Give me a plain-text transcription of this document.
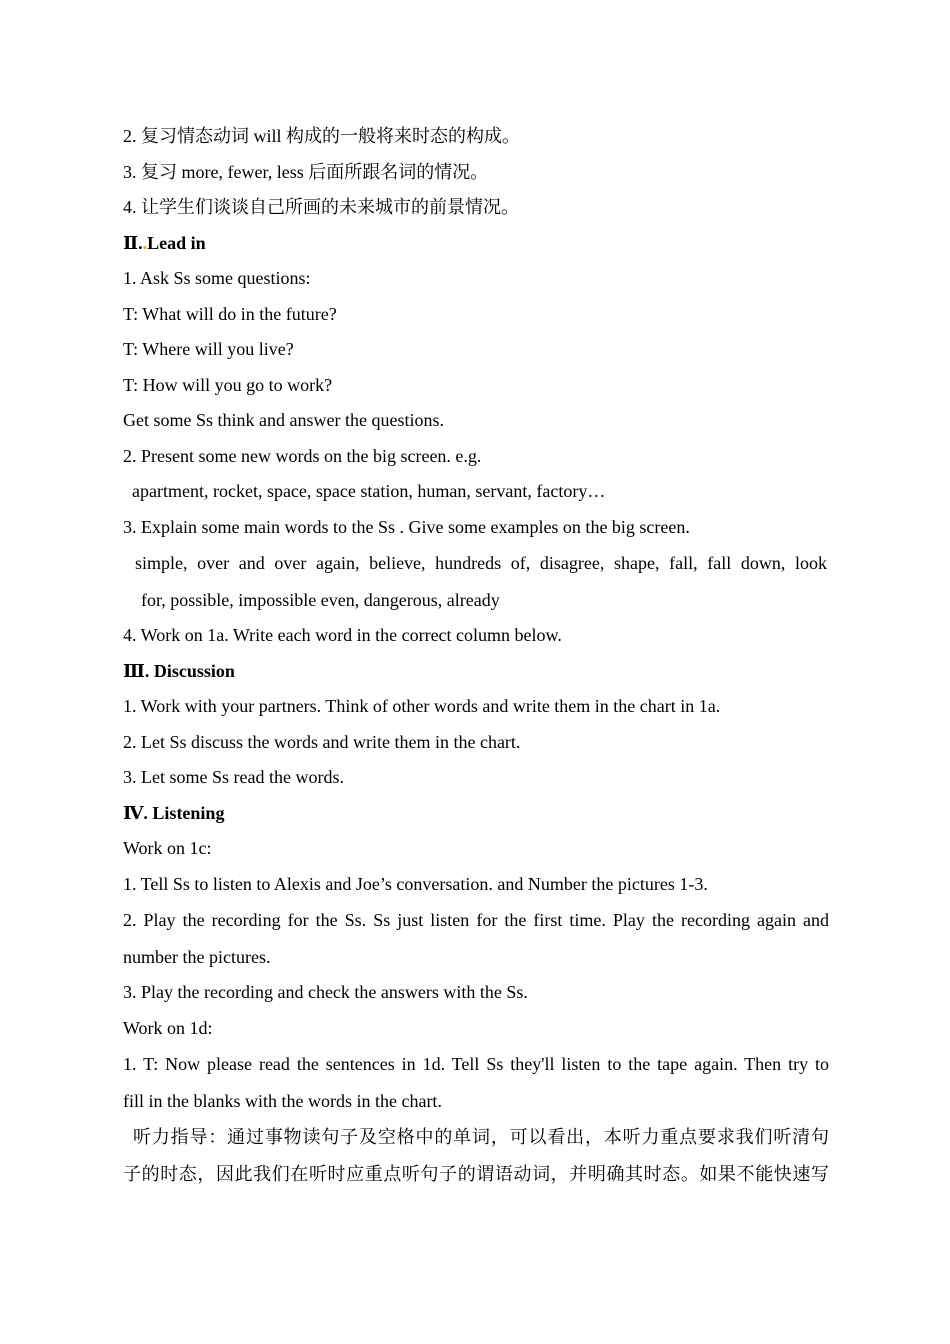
2. 复习情态动词 will 构成的一般将来时态的构成。
3. 复习 more, fewer, less 后面所跟名词的情况。
4. 让学生们谈谈自己所画的未来城市的前景情况。
Ⅱ..Lead in
1. Ask Ss some questions:
T: What will do in the future?
T: Where will you live?
T: How will you go to work?
Get some Ss think and answer the questions.
2. Present some new words on the big screen. e.g.
apartment, rocket, space, space station, human, servant, factory…
3. Explain some main words to the Ss . Give some examples on the big screen.
simple, over and over again, believe, hundreds of, disagree, shape, fall, fall down, look
for, possible, impossible even, dangerous, already
4. Work on 1a. Write each word in the correct column below.
Ⅲ. Discussion
1. Work with your partners. Think of other words and write them in the chart in 1a.
2. Let Ss discuss the words and write them in the chart.
3. Let some Ss read the words.
Ⅳ. Listening
Work on 1c:
1. Tell Ss to listen to Alexis and Joe’s conversation. and Number the pictures 1-3.
2. Play the recording for the Ss. Ss just listen for the first time. Play the recording again and
number the pictures.
3. Play the recording and check the answers with the Ss.
Work on 1d:
1. T: Now please read the sentences in 1d. Tell Ss they'll listen to the tape again. Then try to
fill in the blanks with the words in the chart.
听力指导：通过事物读句子及空格中的单词，可以看出，本听力重点要求我们听清句
子的时态，因此我们在听时应重点听句子的谓语动词，并明确其时态。如果不能快速写
